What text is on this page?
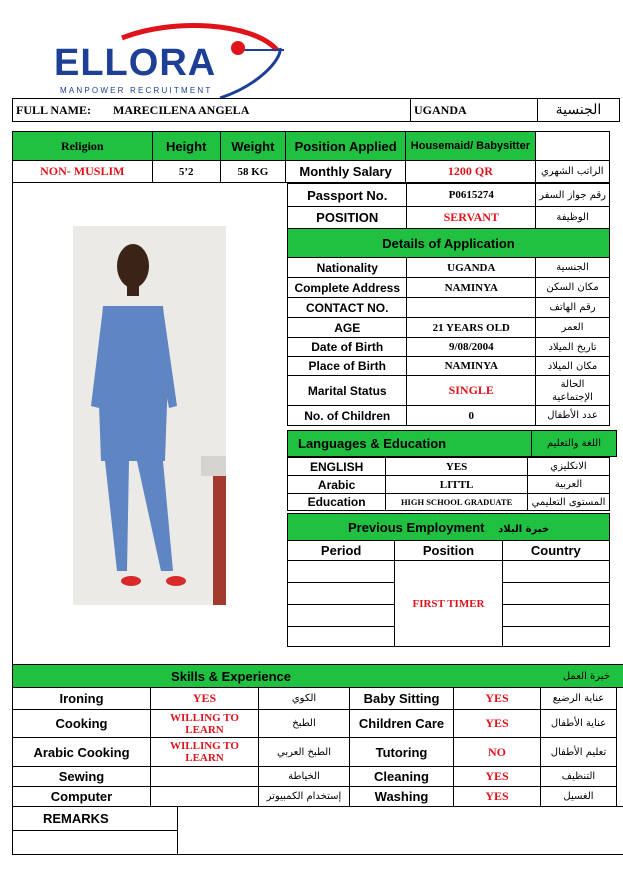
ELLORA
MANPOWER RECRUITMENT
FULL NAME: MARECILENA ANGELA	UGANDA	الجنسية
Religion	Height	Weight	Position Applied	Housemaid/ Babysitter	
NON- MUSLIM	5’2	58 KG	Monthly Salary	1200 QR	الراتب الشهري
Passport No.	P0615274	رقم جواز السفر
POSITION	SERVANT	الوظيفة
Details of Application		
Nationality	UGANDA	الجنسية
Complete Address	NAMINYA	مكان السكن
CONTACT NO.		رقم الهاتف
AGE	21 YEARS OLD	العمر
Date of Birth	9/08/2004	تاريخ الميلاد
Place of Birth	NAMINYA	مكان الميلاد
Marital Status	SINGLE	الحالة الإجتماعية
No. of Children	0	عدد الأطفال
Languages & Education	اللغة والتعليم
ENGLISH	YES	الانكليزي
Arabic	LITTL	العربية
Education	HIGH SCHOOL GRADUATE	المستوى التعليمي
Previous Employment خبرة البلاد		
Period	Position	Country
	FIRST TIMER	

Skills & Experience	خبرة العمل
Ironing	YES	الكوي	Baby Sitting	YES	عناية الرضيع
Cooking	WILLING TO LEARN	الطبخ	Children Care	YES	عناية الأطفال
Arabic Cooking	WILLING TO LEARN	الطبخ العربي	Tutoring	NO	تعليم الأطفال
Sewing		الخياطة	Cleaning	YES	التنظيف
Computer		إستخدام الكمبيوتر	Washing	YES	الغسيل
REMARKS	
